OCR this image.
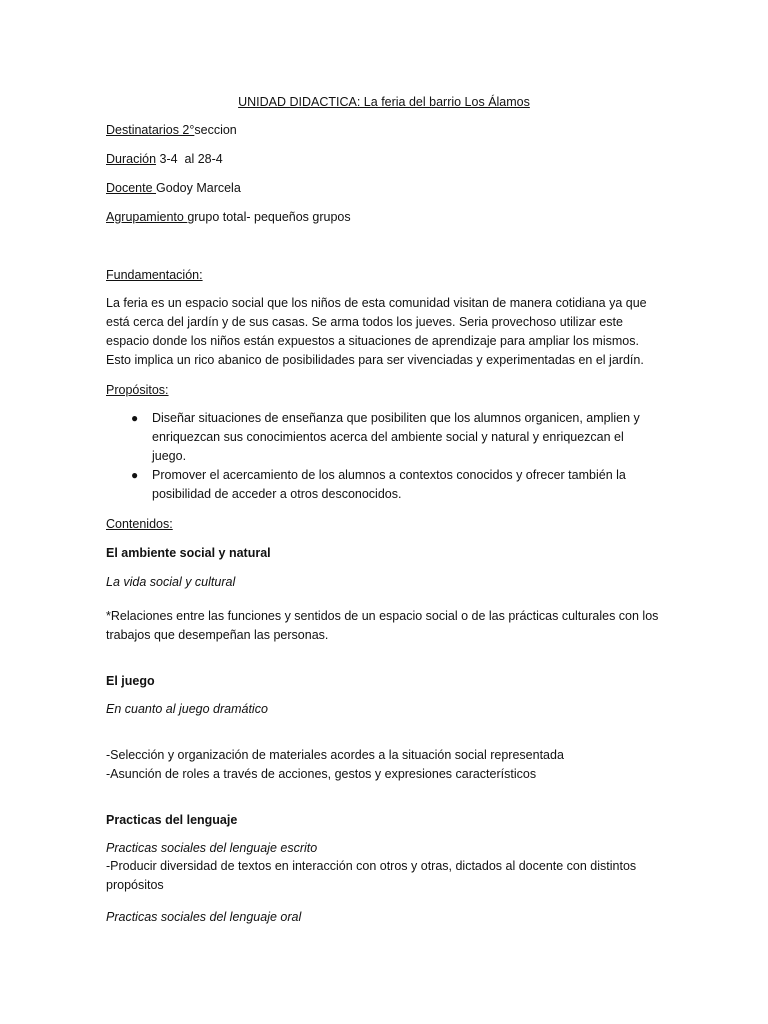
UNIDAD DIDACTICA: La feria del barrio Los Álamos
Destinatarios 2°seccion
Duración 3-4  al 28-4
Docente Godoy Marcela
Agrupamiento grupo total- pequeños grupos
Fundamentación:
La feria es un espacio social que los niños de esta comunidad visitan de manera cotidiana ya que
está cerca del jardín y de sus casas. Se arma todos los jueves. Seria provechoso utilizar este
espacio donde los niños están expuestos a situaciones de aprendizaje para ampliar los mismos.
Esto implica un rico abanico de posibilidades para ser vivenciadas y experimentadas en el jardín.
Propósitos:
● Diseñar situaciones de enseñanza que posibiliten que los alumnos organicen, amplien y
enriquezcan sus conocimientos acerca del ambiente social y natural y enriquezcan el
juego.
● Promover el acercamiento de los alumnos a contextos conocidos y ofrecer también la
posibilidad de acceder a otros desconocidos.
Contenidos:
El ambiente social y natural
La vida social y cultural
*Relaciones entre las funciones y sentidos de un espacio social o de las prácticas culturales con los
trabajos que desempeñan las personas.
El juego
En cuanto al juego dramático
-Selección y organización de materiales acordes a la situación social representada
-Asunción de roles a través de acciones, gestos y expresiones característicos
Practicas del lenguaje
Practicas sociales del lenguaje escrito
-Producir diversidad de textos en interacción con otros y otras, dictados al docente con distintos
propósitos
Practicas sociales del lenguaje oral
